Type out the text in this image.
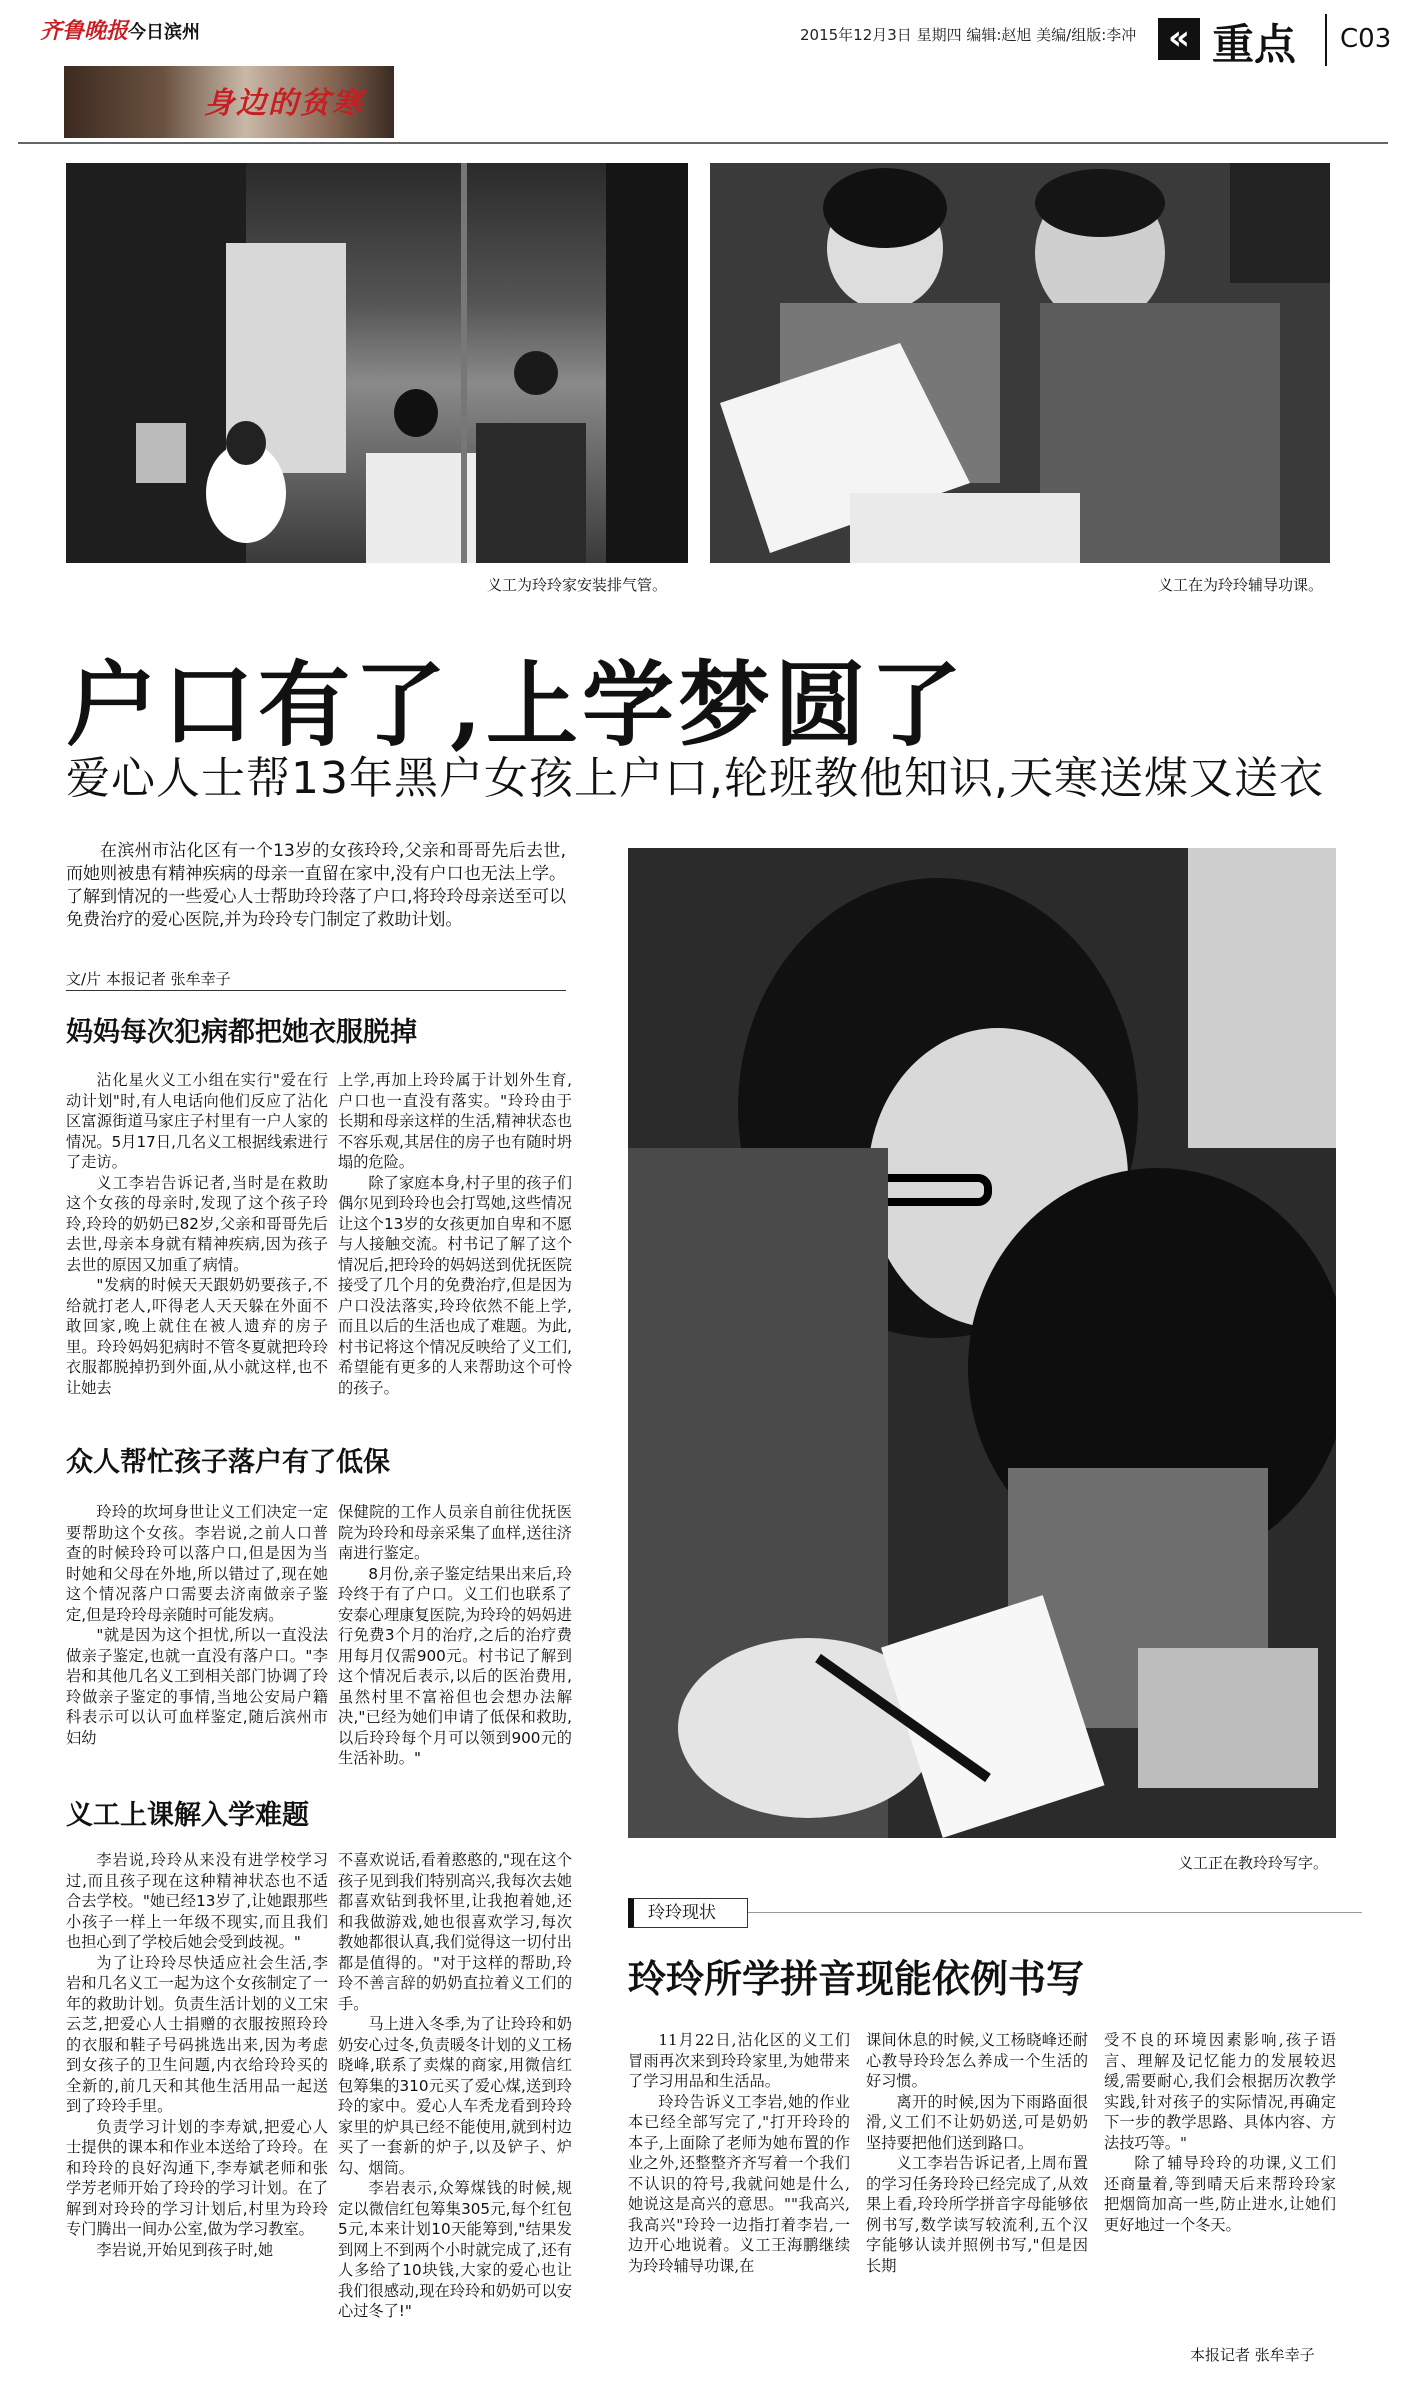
齐鲁晚报 今日滨州	2015年12月3日 星期四 编辑:赵旭 美编/组版:李冲 « 重点 C03
身边的贫寒
义工为玲玲家安装排气管。	义工在为玲玲辅导功课。
户口有了,上学梦圆了
爱心人士帮13年黑户女孩上户口,轮班教他知识,天寒送煤又送衣
在滨州市沾化区有一个13岁的女孩玲玲,父亲和哥哥先后去世,而她则被患有精神疾病的母亲一直留在家中,没有户口也无法上学。了解到情况的一些爱心人士帮助玲玲落了户口,将玲玲母亲送至可以免费治疗的爱心医院,并为玲玲专门制定了救助计划。
文/片 本报记者 张牟幸子
妈妈每次犯病都把她衣服脱掉

沾化星火义工小组在实行"爱在行动计划"时,有人电话向他们反应了沾化区富源街道马家庄子村里有一户人家的情况。5月17日,几名义工根据线索进行了走访。

义工李岩告诉记者,当时是在救助这个女孩的母亲时,发现了这个孩子玲玲,玲玲的奶奶已82岁,父亲和哥哥先后去世,母亲本身就有精神疾病,因为孩子去世的原因又加重了病情。

"发病的时候天天跟奶奶要孩子,不给就打老人,吓得老人天天躲在外面不敢回家,晚上就住在被人遗弃的房子里。玲玲妈妈犯病时不管冬夏就把玲玲衣服都脱掉扔到外面,从小就这样,也不让她去

上学,再加上玲玲属于计划外生育,户口也一直没有落实。"玲玲由于长期和母亲这样的生活,精神状态也不容乐观,其居住的房子也有随时坍塌的危险。

除了家庭本身,村子里的孩子们偶尔见到玲玲也会打骂她,这些情况让这个13岁的女孩更加自卑和不愿与人接触交流。村书记了解了这个情况后,把玲玲的妈妈送到优抚医院接受了几个月的免费治疗,但是因为户口没法落实,玲玲依然不能上学,而且以后的生活也成了难题。为此,村书记将这个情况反映给了义工们,希望能有更多的人来帮助这个可怜的孩子。

众人帮忙孩子落户有了低保

玲玲的坎坷身世让义工们决定一定要帮助这个女孩。李岩说,之前人口普查的时候玲玲可以落户口,但是因为当时她和父母在外地,所以错过了,现在她这个情况落户口需要去济南做亲子鉴定,但是玲玲母亲随时可能发病。

"就是因为这个担忧,所以一直没法做亲子鉴定,也就一直没有落户口。"李岩和其他几名义工到相关部门协调了玲玲做亲子鉴定的事情,当地公安局户籍科表示可以认可血样鉴定,随后滨州市妇幼

保健院的工作人员亲自前往优抚医院为玲玲和母亲采集了血样,送往济南进行鉴定。

8月份,亲子鉴定结果出来后,玲玲终于有了户口。义工们也联系了安泰心理康复医院,为玲玲的妈妈进行免费3个月的治疗,之后的治疗费用每月仅需900元。村书记了解到这个情况后表示,以后的医治费用,虽然村里不富裕但也会想办法解决,"已经为她们申请了低保和救助,以后玲玲每个月可以领到900元的生活补助。"

义工上课解入学难题

李岩说,玲玲从来没有进学校学习过,而且孩子现在这种精神状态也不适合去学校。"她已经13岁了,让她跟那些小孩子一样上一年级不现实,而且我们也担心到了学校后她会受到歧视。"

为了让玲玲尽快适应社会生活,李岩和几名义工一起为这个女孩制定了一年的救助计划。负责生活计划的义工宋云芝,把爱心人士捐赠的衣服按照玲玲的衣服和鞋子号码挑选出来,因为考虑到女孩子的卫生问题,内衣给玲玲买的全新的,前几天和其他生活用品一起送到了玲玲手里。

负责学习计划的李寿斌,把爱心人士提供的课本和作业本送给了玲玲。在和玲玲的良好沟通下,李寿斌老师和张学芳老师开始了玲玲的学习计划。在了解到对玲玲的学习计划后,村里为玲玲专门腾出一间办公室,做为学习教室。

李岩说,开始见到孩子时,她

不喜欢说话,看着憨憨的,"现在这个孩子见到我们特别高兴,我每次去她都喜欢钻到我怀里,让我抱着她,还和我做游戏,她也很喜欢学习,每次教她都很认真,我们觉得这一切付出都是值得的。"对于这样的帮助,玲玲不善言辞的奶奶直拉着义工们的手。

马上进入冬季,为了让玲玲和奶奶安心过冬,负责暖冬计划的义工杨晓峰,联系了卖煤的商家,用微信红包筹集的310元买了爱心煤,送到玲玲的家中。爱心人车秃龙看到玲玲家里的炉具已经不能使用,就到村边买了一套新的炉子,以及铲子、炉勾、烟筒。

李岩表示,众筹煤钱的时候,规定以微信红包筹集305元,每个红包5元,本来计划10天能筹到,"结果发到网上不到两个小时就完成了,还有人多给了10块钱,大家的爱心也让我们很感动,现在玲玲和奶奶可以安心过冬了!"

义工正在教玲玲写字。
玲玲现状
玲玲所学拼音现能依例书写

11月22日,沾化区的义工们冒雨再次来到玲玲家里,为她带来了学习用品和生活品。

玲玲告诉义工李岩,她的作业本已经全部写完了,"打开玲玲的本子,上面除了老师为她布置的作业之外,还整整齐齐写着一个我们不认识的符号,我就问她是什么,她说这是高兴的意思。""我高兴,我高兴"玲玲一边指打着李岩,一边开心地说着。义工王海鹏继续为玲玲辅导功课,在

课间休息的时候,义工杨晓峰还耐心教导玲玲怎么养成一个生活的好习惯。

离开的时候,因为下雨路面很滑,义工们不让奶奶送,可是奶奶坚持要把他们送到路口。

义工李岩告诉记者,上周布置的学习任务玲玲已经完成了,从效果上看,玲玲所学拼音字母能够依例书写,数学读写较流利,五个汉字能够认读并照例书写,"但是因长期

受不良的环境因素影响,孩子语言、理解及记忆能力的发展较迟缓,需要耐心,我们会根据历次教学实践,针对孩子的实际情况,再确定下一步的教学思路、具体内容、方法技巧等。"

除了辅导玲玲的功课,义工们还商量着,等到晴天后来帮玲玲家把烟筒加高一些,防止进水,让她们更好地过一个冬天。

本报记者 张牟幸子
